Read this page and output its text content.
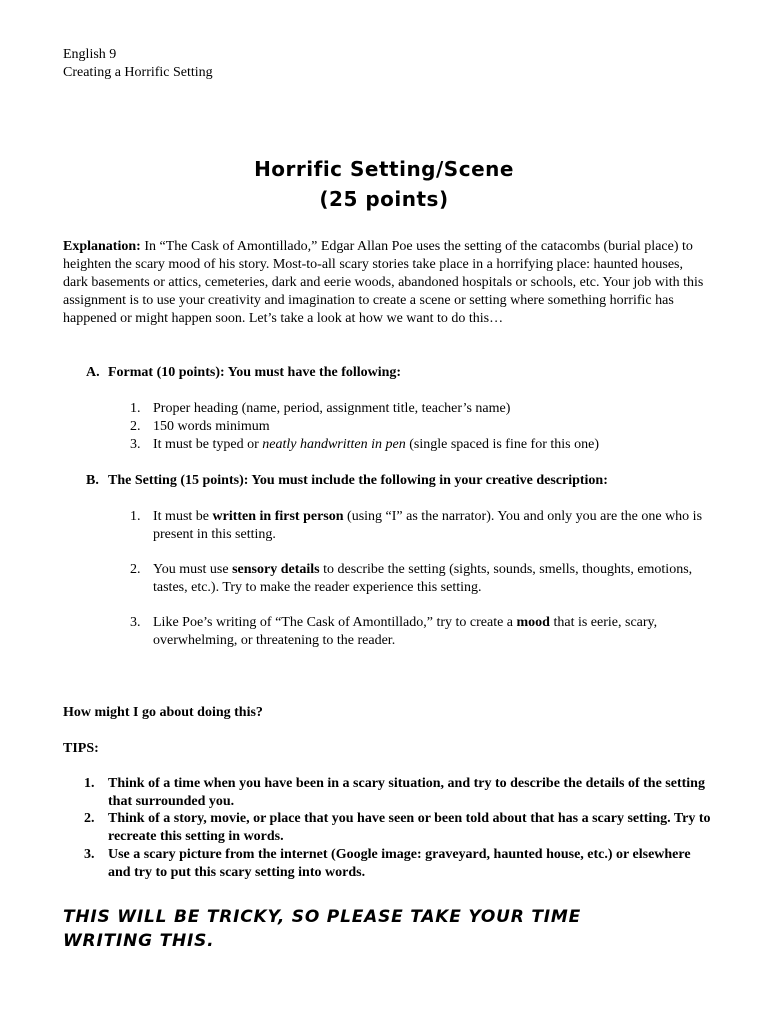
English 9
Creating a Horrific Setting
Horrific Setting/Scene
(25 points)
Explanation: In “The Cask of Amontillado,” Edgar Allan Poe uses the setting of the catacombs (burial place) to heighten the scary mood of his story. Most-to-all scary stories take place in a horrifying place: haunted houses, dark basements or attics, cemeteries, dark and eerie woods, abandoned hospitals or schools, etc. Your job with this assignment is to use your creativity and imagination to create a scene or setting where something horrific has happened or might happen soon. Let’s take a look at how we want to do this…
A. Format (10 points): You must have the following:
1. Proper heading (name, period, assignment title, teacher’s name)
2. 150 words minimum
3. It must be typed or neatly handwritten in pen (single spaced is fine for this one)
B. The Setting (15 points): You must include the following in your creative description:
1. It must be written in first person (using “I” as the narrator). You and only you are the one who is present in this setting.
2. You must use sensory details to describe the setting (sights, sounds, smells, thoughts, emotions, tastes, etc.). Try to make the reader experience this setting.
3. Like Poe’s writing of “The Cask of Amontillado,” try to create a mood that is eerie, scary, overwhelming, or threatening to the reader.
How might I go about doing this?
TIPS:
1. Think of a time when you have been in a scary situation, and try to describe the details of the setting that surrounded you.
2. Think of a story, movie, or place that you have seen or been told about that has a scary setting. Try to recreate this setting in words.
3. Use a scary picture from the internet (Google image: graveyard, haunted house, etc.) or elsewhere and try to put this scary setting into words.
THIS WILL BE TRICKY, SO PLEASE TAKE YOUR TIME
WRITING THIS.
